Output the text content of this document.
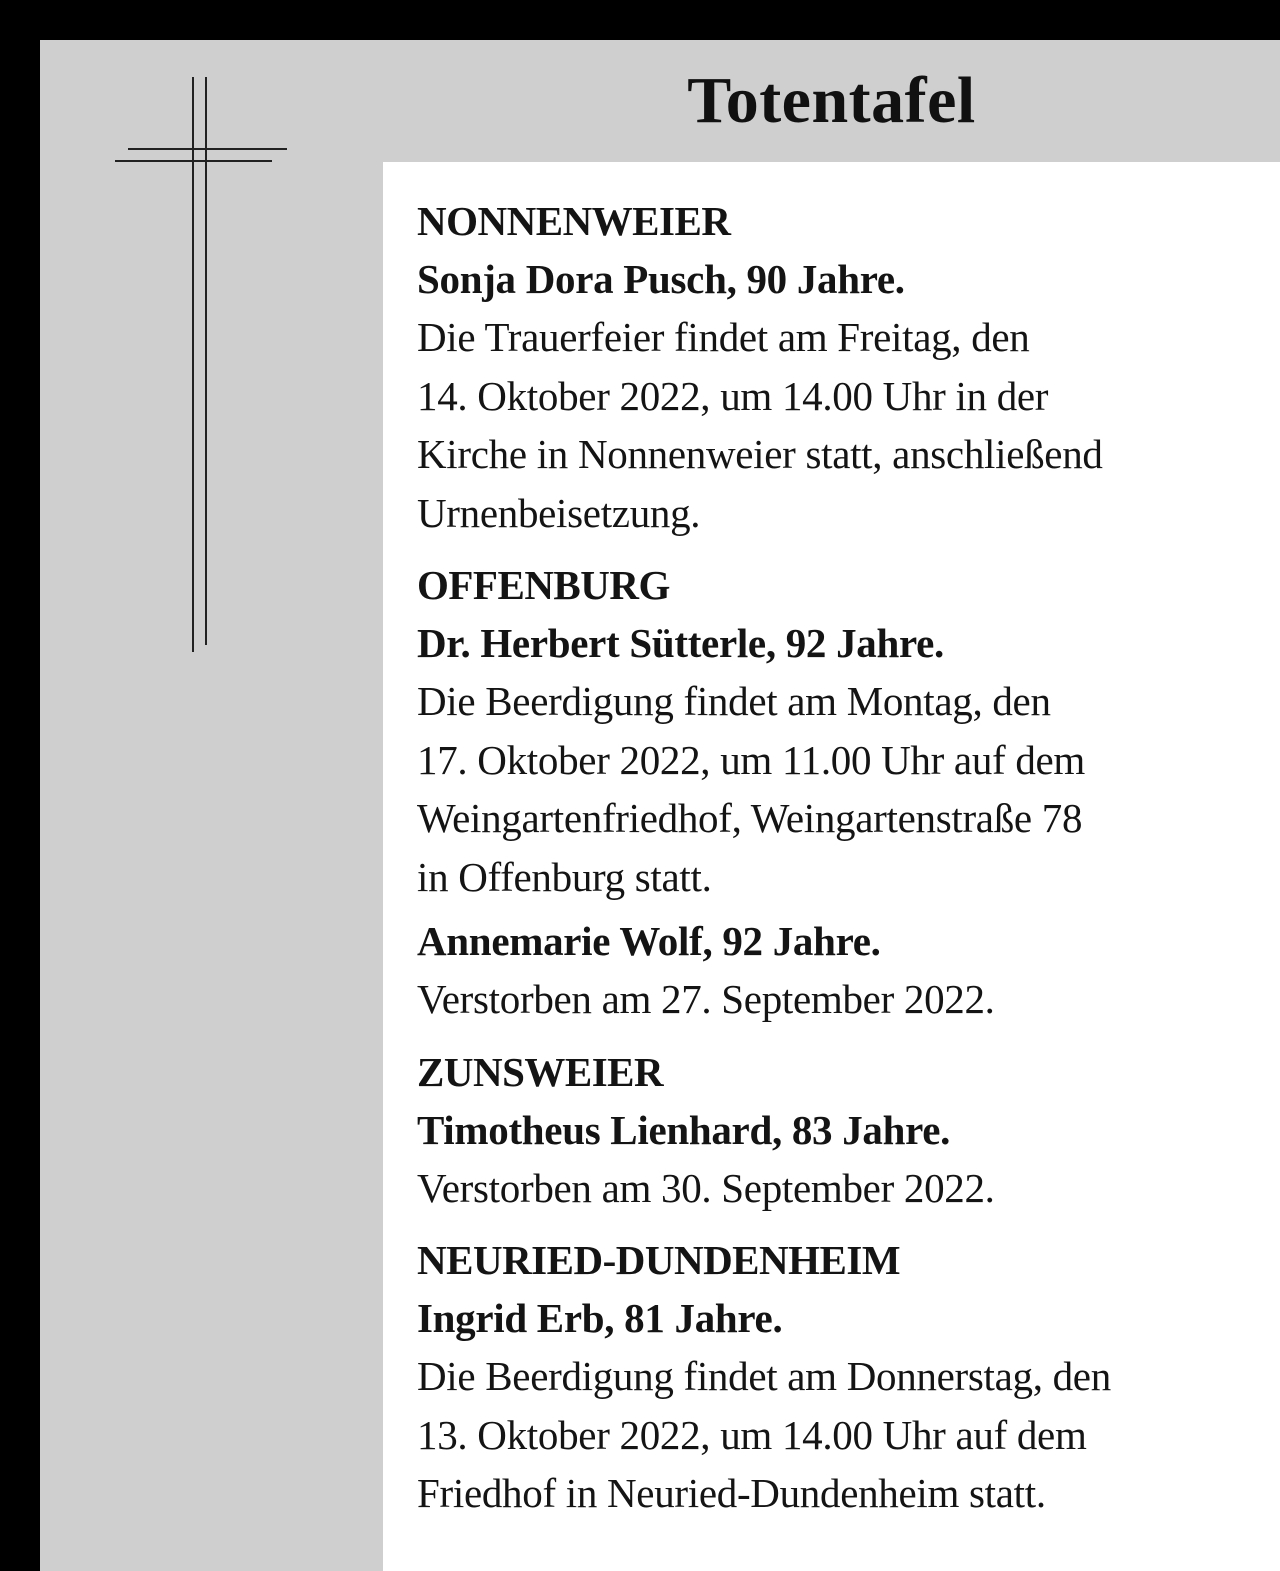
Totentafel

NONNENWEIER

Sonja Dora Pusch, 90 Jahre.

Die Trauerfeier findet am Freitag, den

14. Oktober 2022, um 14.00 Uhr in der

Kirche in Nonnenweier statt, anschließend

Urnenbeisetzung.

OFFENBURG

Dr. Herbert Sütterle, 92 Jahre.

Die Beerdigung findet am Montag, den

17. Oktober 2022, um 11.00 Uhr auf dem

Weingartenfriedhof, Weingartenstraße 78

in Offenburg statt.

Annemarie Wolf, 92 Jahre.

Verstorben am 27. September 2022.

ZUNSWEIER

Timotheus Lienhard, 83 Jahre.

Verstorben am 30. September 2022.

NEURIED-DUNDENHEIM

Ingrid Erb, 81 Jahre.

Die Beerdigung findet am Donnerstag, den

13. Oktober 2022, um 14.00 Uhr auf dem

Friedhof in Neuried-Dundenheim statt.
